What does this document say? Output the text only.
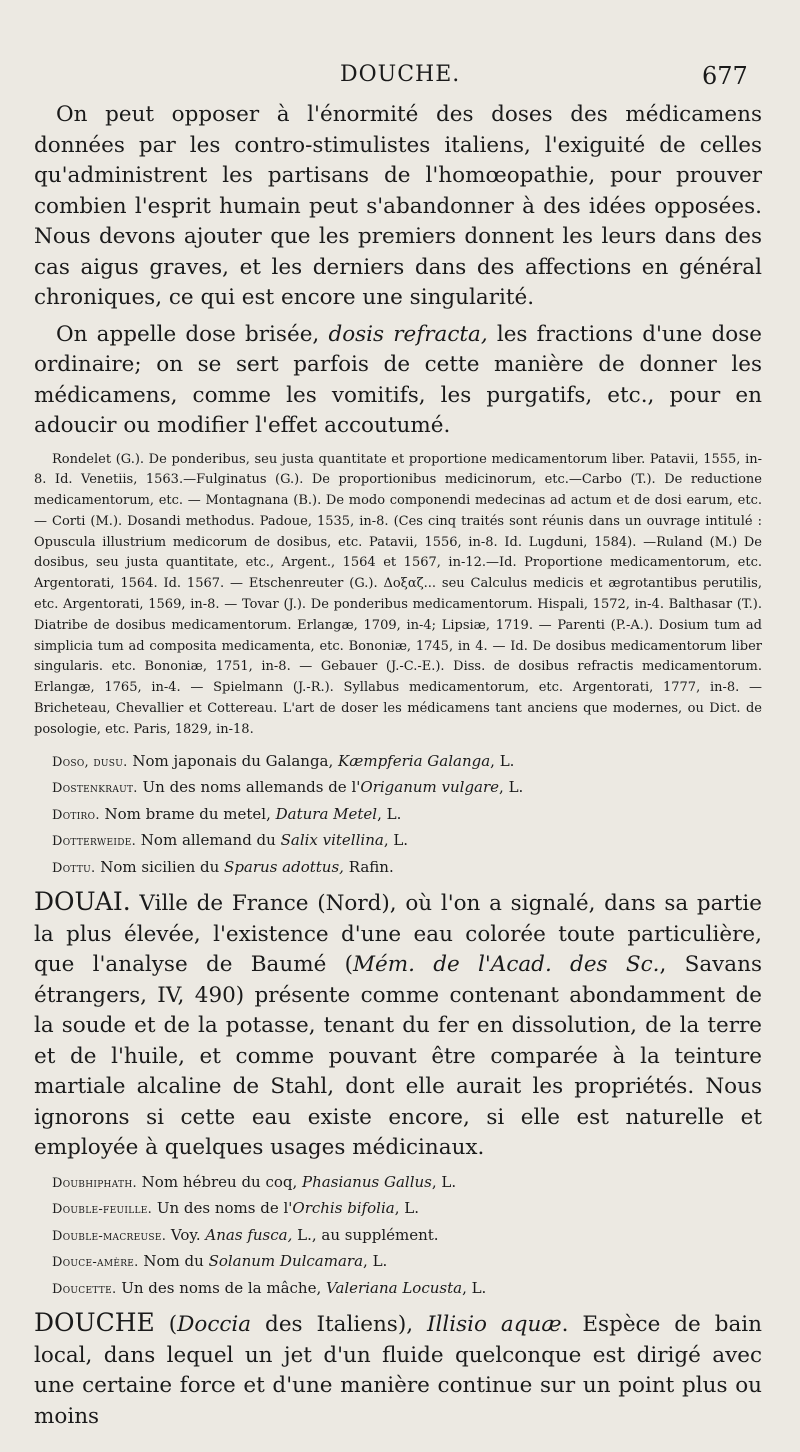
DOUCHE.	677

On peut opposer à l'énormité des doses des médicamens données par les contro-stimulistes italiens, l'exiguité de celles qu'administrent les partisans de l'homœopathie, pour prouver combien l'esprit humain peut s'abandonner à des idées opposées. Nous devons ajouter que les premiers donnent les leurs dans des cas aigus graves, et les derniers dans des affections en général chroniques, ce qui est encore une singularité.

On appelle dose brisée, dosis refracta, les fractions d'une dose ordinaire; on se sert parfois de cette manière de donner les médicamens, comme les vomitifs, les purgatifs, etc., pour en adoucir ou modifier l'effet accoutumé.

Rondelet (G.). De ponderibus, seu justa quantitate et proportione medicamentorum liber. Patavii, 1555, in-8. Id. Venetiis, 1563.—Fulginatus (G.). De proportionibus medicinorum, etc.—Carbo (T.). De reductione medicamentorum, etc. — Montagnana (B.). De modo componendi medecinas ad actum et de dosi earum, etc. — Corti (M.). Dosandi methodus. Padoue, 1535, in-8. (Ces cinq traités sont réunis dans un ouvrage intitulé : Opuscula illustrium medicorum de dosibus, etc. Patavii, 1556, in-8. Id. Lugduni, 1584). —Ruland (M.) De dosibus, seu justa quantitate, etc., Argent., 1564 et 1567, in-12.—Id. Proportione medicamentorum, etc. Argentorati, 1564. Id. 1567. — Etschenreuter (G.). Δοξαζ... seu Calculus medicis et ægrotantibus perutilis, etc. Argentorati, 1569, in-8. — Tovar (J.). De ponderibus medicamentorum. Hispali, 1572, in-4. Balthasar (T.). Diatribe de dosibus medicamentorum. Erlangæ, 1709, in-4; Lipsiæ, 1719. — Parenti (P.-A.). Dosium tum ad simplicia tum ad composita medicamenta, etc. Bononiæ, 1745, in 4. — Id. De dosibus medicamentorum liber singularis. etc. Bononiæ, 1751, in-8. — Gebauer (J.-C.-E.). Diss. de dosibus refractis medicamentorum. Erlangæ, 1765, in-4. — Spielmann (J.-R.). Syllabus medicamentorum, etc. Argentorati, 1777, in-8. — Bricheteau, Chevallier et Cottereau. L'art de doser les médicamens tant anciens que modernes, ou Dict. de posologie, etc. Paris, 1829, in-18.

Doso, dusu. Nom japonais du Galanga, Kæmpferia Galanga, L.

Dostenkraut. Un des noms allemands de l'Origanum vulgare, L.

Dotiro. Nom brame du metel, Datura Metel, L.

Dotterweide. Nom allemand du Salix vitellina, L.

Dottu. Nom sicilien du Sparus adottus, Rafin.

DOUAI. Ville de France (Nord), où l'on a signalé, dans sa partie la plus élevée, l'existence d'une eau colorée toute particulière, que l'analyse de Baumé (Mém. de l'Acad. des Sc., Savans étrangers, IV, 490) présente comme contenant abondamment de la soude et de la potasse, tenant du fer en dissolution, de la terre et de l'huile, et comme pouvant être comparée à la teinture martiale alcaline de Stahl, dont elle aurait les propriétés. Nous ignorons si cette eau existe encore, si elle est naturelle et employée à quelques usages médicinaux.

Doubhiphath. Nom hébreu du coq, Phasianus Gallus, L.

Double-feuille. Un des noms de l'Orchis bifolia, L.

Double-macreuse. Voy. Anas fusca, L., au supplément.

Douce-amère. Nom du Solanum Dulcamara, L.

Doucette. Un des noms de la mâche, Valeriana Locusta, L.

DOUCHE (Doccia des Italiens), Illisio aquæ. Espèce de bain local, dans lequel un jet d'un fluide quelconque est dirigé avec une certaine force et d'une manière continue sur un point plus ou moins
